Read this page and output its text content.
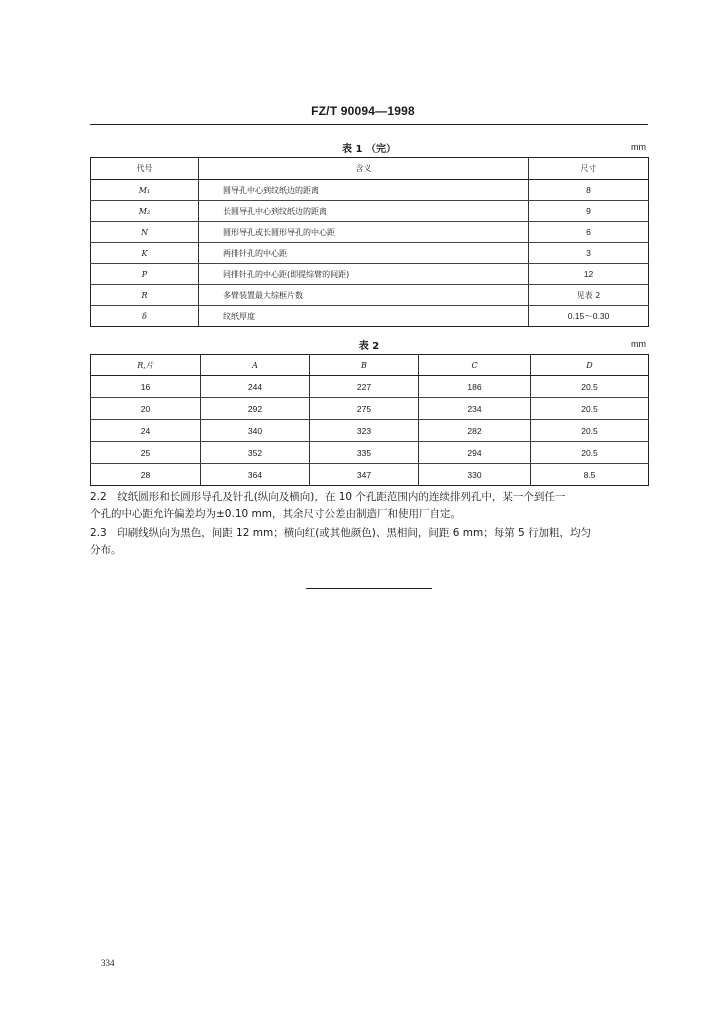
FZ/T 90094—1998
表 1 （完）	mm
代号	含义	尺寸
M₁	圆导孔中心到纹纸边的距离	8
M₂	长圆导孔中心到纹纸边的距离	9
N	圆形导孔或长圆形导孔的中心距	6
K	两排针孔的中心距	3
P	同排针孔的中心距(即提综臂的间距)	12
R	多臂装置最大综框片数	见表 2
δ	纹纸厚度	0.15～0.30
表 2	mm
R,片	A	B	C	D
16	244	227	186	20.5
20	292	275	234	20.5
24	340	323	282	20.5
25	352	335	294	20.5
28	364	347	330	8.5
2.2　纹纸圆形和长圆形导孔及针孔(纵向及横向)，在 10 个孔距范围内的连续排列孔中，某一个到任一
个孔的中心距允许偏差均为±0.10 mm，其余尺寸公差由制造厂和使用厂自定。
2.3　印刷线纵向为黑色，间距 12 mm；横向红(或其他颜色)、黑相间，间距 6 mm；每第 5 行加粗，均匀
分布。
334
